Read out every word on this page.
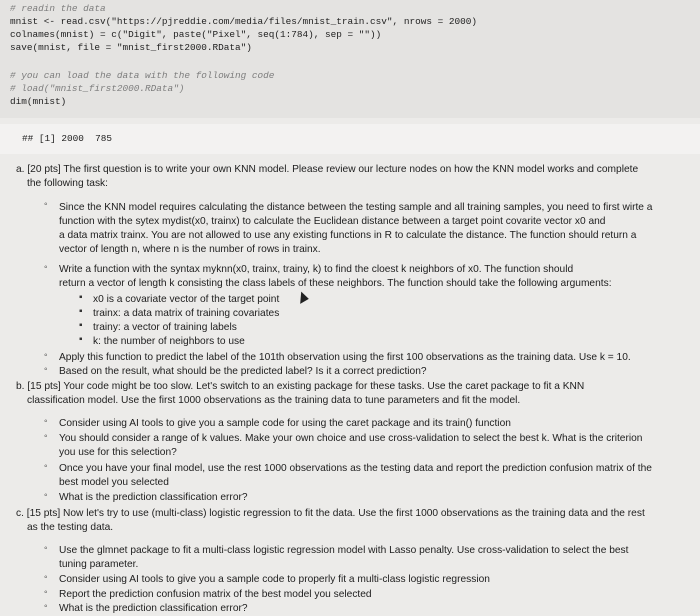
# readin the data
mnist <- read.csv("https://pjreddie.com/media/files/mnist_train.csv", nrows = 2000)
colnames(mnist) = c("Digit", paste("Pixel", seq(1:784), sep = ""))
save(mnist, file = "mnist_first2000.RData")
# you can load the data with the following code
# load("mnist_first2000.RData")
dim(mnist)
## [1] 2000  785
a. [20 pts] The first question is to write your own KNN model. Please review our lecture nodes on how the KNN model works and complete
the following task:
◦ Since the KNN model requires calculating the distance between the testing sample and all training samples, you need to first wirte a
function with the sytex mydist(x0, trainx) to calculate the Euclidean distance between a target point covarite vector x0 and
a data matrix trainx. You are not allowed to use any existing functions in R to calculate the distance. The function should return a
vector of length n, where n is the number of rows in trainx.
◦ Write a function with the syntax myknn(x0, trainx, trainy, k) to find the cloest k neighbors of x0. The function should
return a vector of length k consisting the class labels of these neighbors. The function should take the following arguments:
▪ x0 is a covariate vector of the target point
▪ trainx: a data matrix of training covariates
▪ trainy: a vector of training labels
▪ k: the number of neighbors to use
◦ Apply this function to predict the label of the 101th observation using the first 100 observations as the training data. Use k = 10.
◦ Based on the result, what should be the predicted label? Is it a correct prediction?
b. [15 pts] Your code might be too slow. Let's switch to an existing package for these tasks. Use the caret package to fit a KNN
classification model. Use the first 1000 observations as the training data to tune parameters and fit the model.
◦ Consider using AI tools to give you a sample code for using the caret package and its train() function
◦ You should consider a range of k values. Make your own choice and use cross-validation to select the best k. What is the criterion
you use for this selection?
◦ Once you have your final model, use the rest 1000 observations as the testing data and report the prediction confusion matrix of the
best model you selected
◦ What is the prediction classification error?
c. [15 pts] Now let's try to use (multi-class) logistic regression to fit the data. Use the first 1000 observations as the training data and the rest
as the testing data.
◦ Use the glmnet package to fit a multi-class logistic regression model with Lasso penalty. Use cross-validation to select the best
tuning parameter.
◦ Consider using AI tools to give you a sample code to properly fit a multi-class logistic regression
◦ Report the prediction confusion matrix of the best model you selected
◦ What is the prediction classification error?
